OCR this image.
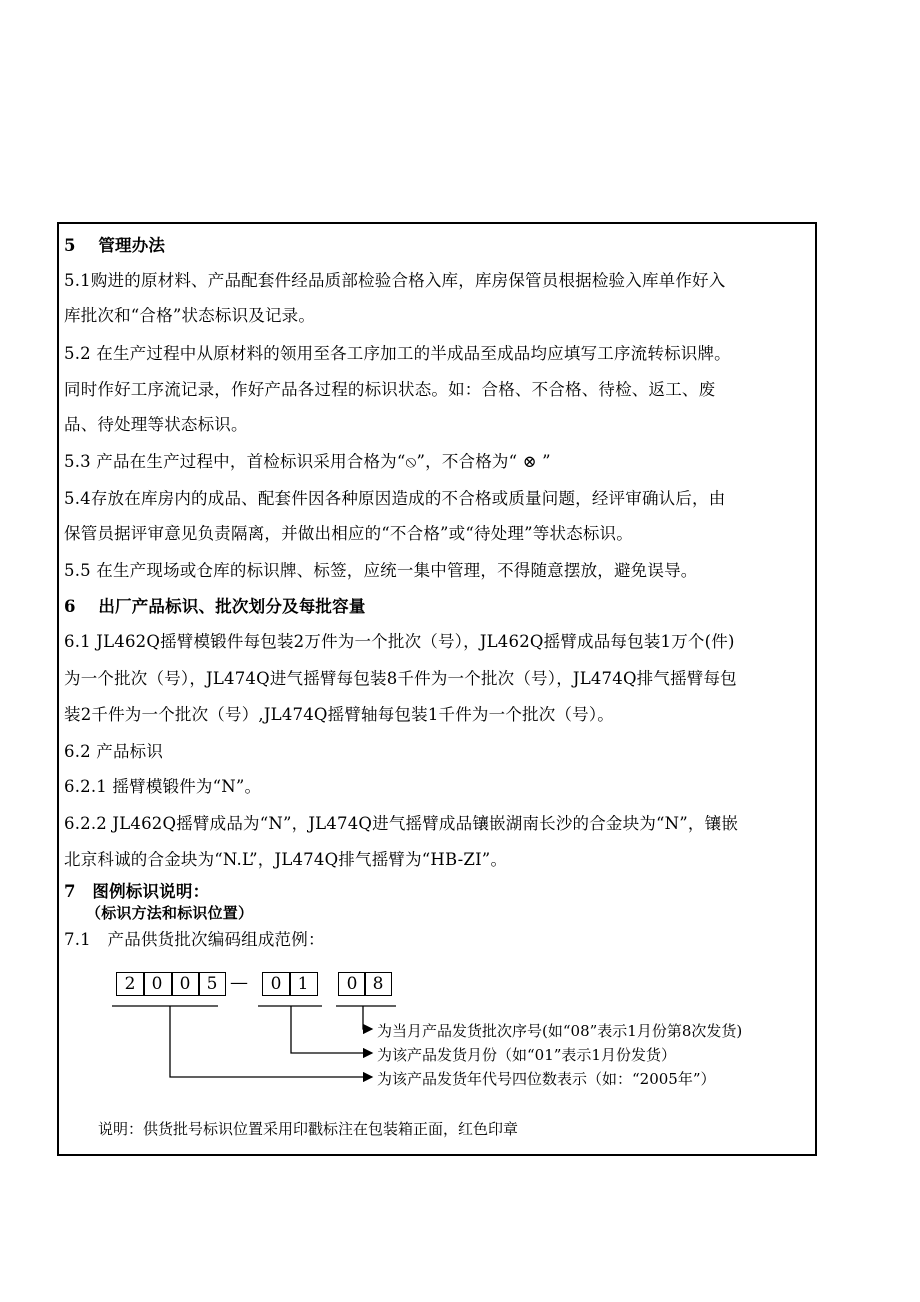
5　 管理办法
5.1购进的原材料、产品配套件经品质部检验合格入库，库房保管员根据检验入库单作好入
库批次和“合格”状态标识及记录。
5.2 在生产过程中从原材料的领用至各工序加工的半成品至成品均应填写工序流转标识牌。
同时作好工序流记录，作好产品各过程的标识状态。如：合格、不合格、待检、返工、废
品、待处理等状态标识。
5.3 产品在生产过程中，首检标识采用合格为“⦸”，不合格为“ ⊗ ”
5.4存放在库房内的成品、配套件因各种原因造成的不合格或质量问题，经评审确认后，由
保管员据评审意见负责隔离，并做出相应的“不合格”或“待处理”等状态标识。
5.5 在生产现场或仓库的标识牌、标签，应统一集中管理，不得随意摆放，避免误导。
6　 出厂产品标识、批次划分及每批容量
6.1 JL462Q摇臂模锻件每包装2万件为一个批次（号），JL462Q摇臂成品每包装1万个(件)
为一个批次（号），JL474Q进气摇臂每包装8千件为一个批次（号），JL474Q排气摇臂每包
装2千件为一个批次（号）,JL474Q摇臂轴每包装1千件为一个批次（号）。
6.2 产品标识
6.2.1 摇臂模锻件为“N”。
6.2.2 JL462Q摇臂成品为“N”，JL474Q进气摇臂成品镶嵌湖南长沙的合金块为“N”，镶嵌
北京科诚的合金块为“N.L”，JL474Q排气摇臂为“HB-ZI”。
7　图例标识说明：
（标识方法和标识位置）
7.1　产品供货批次编码组成范例：
2 0	0 5 —	0 1	0 8
为当月产品发货批次序号(如“08”表示1月份第8次发货)
为该产品发货月份（如“01”表示1月份发货）
为该产品发货年代号四位数表示（如：“2005年”）
说明：供货批号标识位置采用印戳标注在包装箱正面，红色印章
